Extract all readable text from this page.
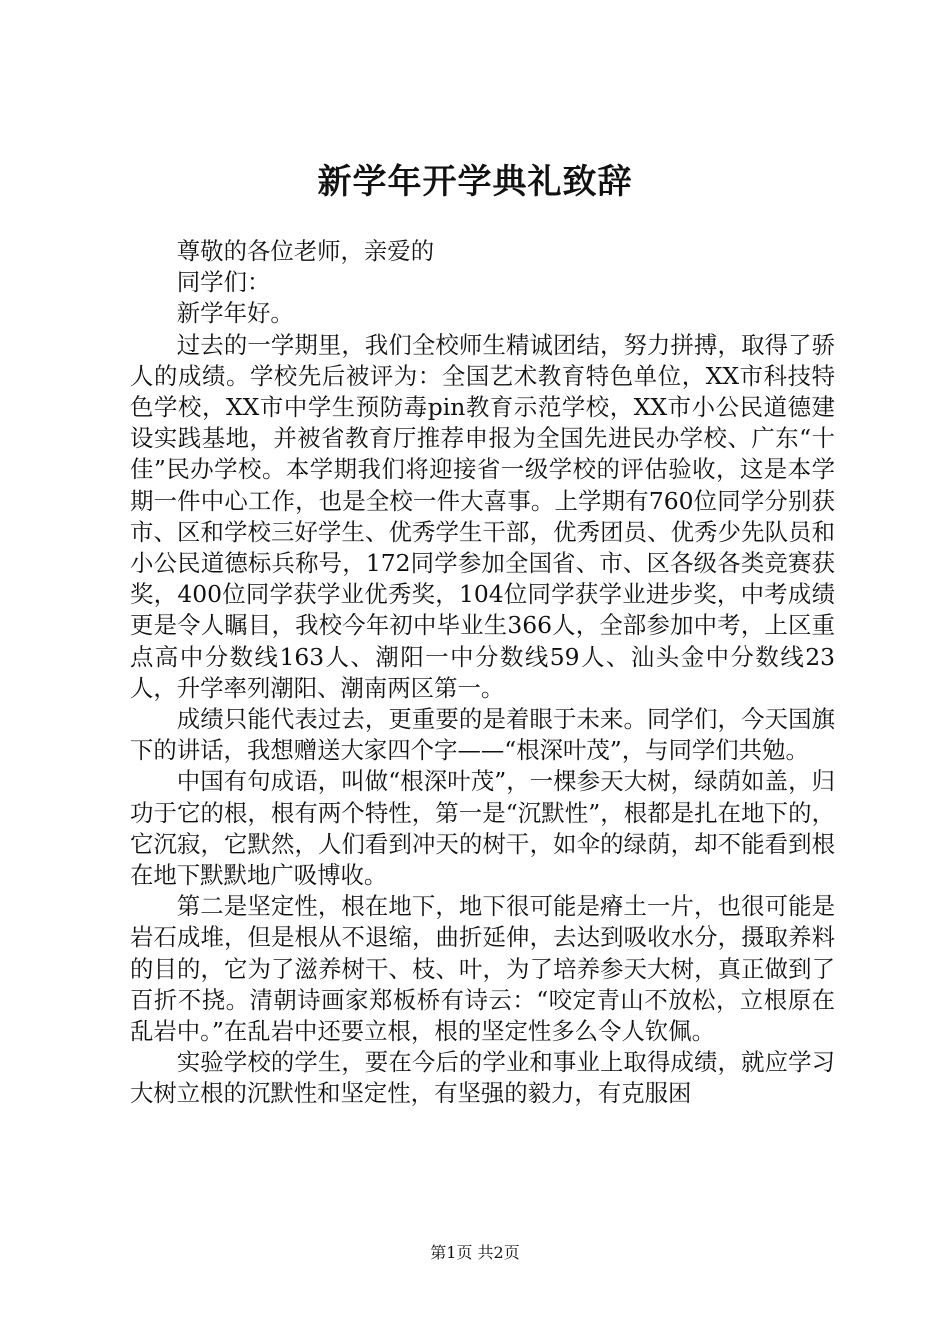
新学年开学典礼致辞

尊敬的各位老师，亲爱的

同学们：

新学年好。

过去的一学期里，我们全校师生精诚团结，努力拼搏，取得了骄人的成绩。学校先后被评为：全国艺术教育特色单位，XX市科技特色学校，XX市中学生预防毒pin教育示范学校，XX市小公民道德建设实践基地，并被省教育厅推荐申报为全国先进民办学校、广东“十佳”民办学校。本学期我们将迎接省一级学校的评估验收，这是本学期一件中心工作，也是全校一件大喜事。上学期有760位同学分别获市、区和学校三好学生、优秀学生干部，优秀团员、优秀少先队员和小公民道德标兵称号，172同学参加全国省、市、区各级各类竞赛获奖，400位同学获学业优秀奖，104位同学获学业进步奖，中考成绩更是令人瞩目，我校今年初中毕业生366人，全部参加中考，上区重点高中分数线163人、潮阳一中分数线59人、汕头金中分数线23人，升学率列潮阳、潮南两区第一。

成绩只能代表过去，更重要的是着眼于未来。同学们，今天国旗下的讲话，我想赠送大家四个字——“根深叶茂”，与同学们共勉。

中国有句成语，叫做“根深叶茂”，一棵参天大树，绿荫如盖，归功于它的根，根有两个特性，第一是“沉默性”，根都是扎在地下的，它沉寂，它默然，人们看到冲天的树干，如伞的绿荫，却不能看到根在地下默默地广吸博收。

第二是坚定性，根在地下，地下很可能是瘠土一片，也很可能是岩石成堆，但是根从不退缩，曲折延伸，去达到吸收水分，摄取养料的目的，它为了滋养树干、枝、叶，为了培养参天大树，真正做到了百折不挠。清朝诗画家郑板桥有诗云：“咬定青山不放松，立根原在乱岩中。”在乱岩中还要立根，根的坚定性多么令人钦佩。

实验学校的学生，要在今后的学业和事业上取得成绩，就应学习大树立根的沉默性和坚定性，有坚强的毅力，有克服困

第1页 共2页
